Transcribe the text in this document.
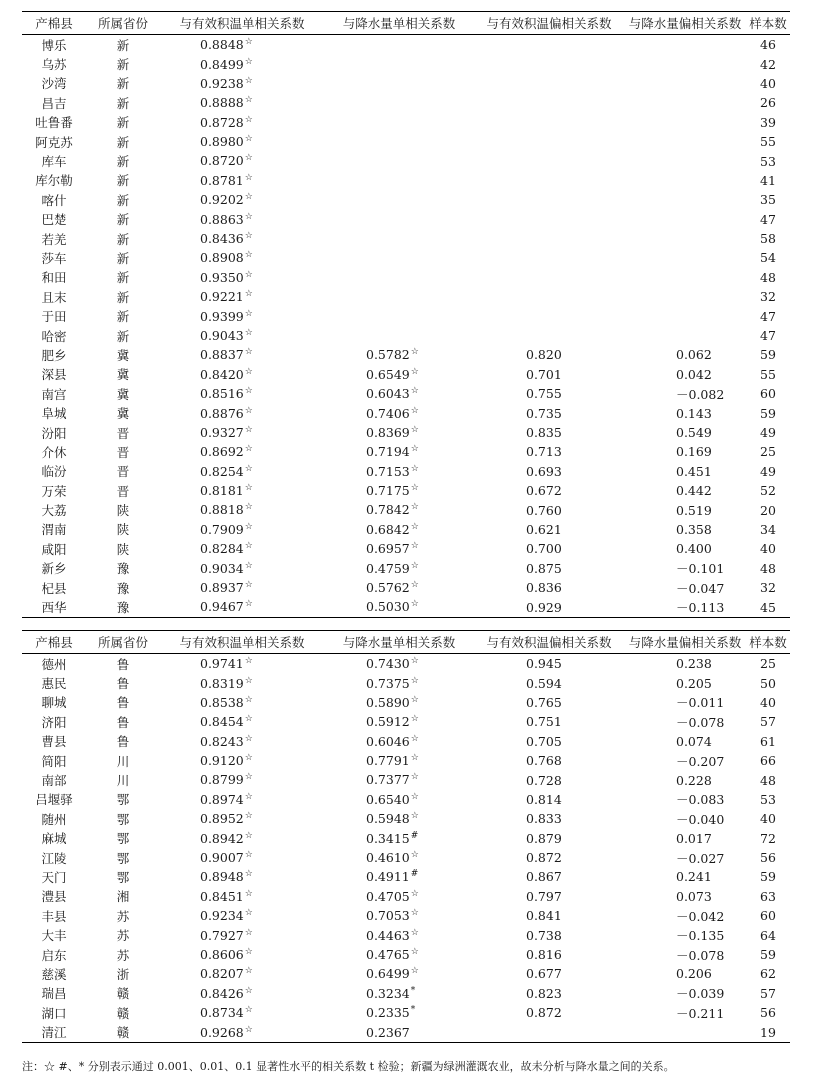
产棉县	所属省份	与有效积温单相关系数	与降水量单相关系数	与有效积温偏相关系数	与降水量偏相关系数	样本数
博乐	新	0.8848☆				46
乌苏	新	0.8499☆				42
沙湾	新	0.9238☆				40
昌吉	新	0.8888☆				26
吐鲁番	新	0.8728☆				39
阿克苏	新	0.8980☆				55
库车	新	0.8720☆				53
库尔勒	新	0.8781☆				41
喀什	新	0.9202☆				35
巴楚	新	0.8863☆				47
若羌	新	0.8436☆				58
莎车	新	0.8908☆				54
和田	新	0.9350☆				48
且末	新	0.9221☆				32
于田	新	0.9399☆				47
哈密	新	0.9043☆				47
肥乡	冀	0.8837☆	0.5782☆	0.820	0.062	59
深县	冀	0.8420☆	0.6549☆	0.701	0.042	55
南宫	冀	0.8516☆	0.6043☆	0.755	－0.082	60
阜城	冀	0.8876☆	0.7406☆	0.735	0.143	59
汾阳	晋	0.9327☆	0.8369☆	0.835	0.549	49
介休	晋	0.8692☆	0.7194☆	0.713	0.169	25
临汾	晋	0.8254☆	0.7153☆	0.693	0.451	49
万荣	晋	0.8181☆	0.7175☆	0.672	0.442	52
大荔	陕	0.8818☆	0.7842☆	0.760	0.519	20
渭南	陕	0.7909☆	0.6842☆	0.621	0.358	34
咸阳	陕	0.8284☆	0.6957☆	0.700	0.400	40
新乡	豫	0.9034☆	0.4759☆	0.875	－0.101	48
杞县	豫	0.8937☆	0.5762☆	0.836	－0.047	32
西华	豫	0.9467☆	0.5030☆	0.929	－0.113	45
产棉县	所属省份	与有效积温单相关系数	与降水量单相关系数	与有效积温偏相关系数	与降水量偏相关系数	样本数
德州	鲁	0.9741☆	0.7430☆	0.945	0.238	25
惠民	鲁	0.8319☆	0.7375☆	0.594	0.205	50
聊城	鲁	0.8538☆	0.5890☆	0.765	－0.011	40
济阳	鲁	0.8454☆	0.5912☆	0.751	－0.078	57
曹县	鲁	0.8243☆	0.6046☆	0.705	0.074	61
简阳	川	0.9120☆	0.7791☆	0.768	－0.207	66
南部	川	0.8799☆	0.7377☆	0.728	0.228	48
吕堰驿	鄂	0.8974☆	0.6540☆	0.814	－0.083	53
随州	鄂	0.8952☆	0.5948☆	0.833	－0.040	40
麻城	鄂	0.8942☆	0.3415#	0.879	0.017	72
江陵	鄂	0.9007☆	0.4610☆	0.872	－0.027	56
天门	鄂	0.8948☆	0.4911#	0.867	0.241	59
澧县	湘	0.8451☆	0.4705☆	0.797	0.073	63
丰县	苏	0.9234☆	0.7053☆	0.841	－0.042	60
大丰	苏	0.7927☆	0.4463☆	0.738	－0.135	64
启东	苏	0.8606☆	0.4765☆	0.816	－0.078	59
慈溪	浙	0.8207☆	0.6499☆	0.677	0.206	62
瑞昌	赣	0.8426☆	0.3234*	0.823	－0.039	57
湖口	赣	0.8734☆	0.2335*	0.872	－0.211	56
清江	赣	0.9268☆	0.2367			19
注：☆ #、* 分别表示通过 0.001、0.01、0.1 显著性水平的相关系数 t 检验；新疆为绿洲灌溉农业，故未分析与降水量之间的关系。
